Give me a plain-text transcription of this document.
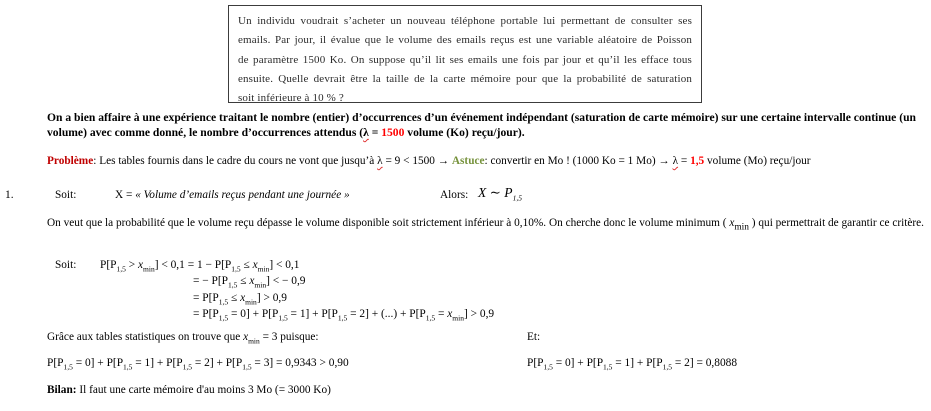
Un individu voudrait s’acheter un nouveau téléphone portable lui permettant de consulter ses
emails. Par jour, il évalue que le volume des emails reçus est une variable aléatoire de Poisson
de paramètre 1500 Ko. On suppose qu’il lit ses emails une fois par jour et qu’il les efface tous
ensuite. Quelle devrait être la taille de la carte mémoire pour que la probabilité de saturation
soit inférieure à 10 % ?
On a bien affaire à une expérience traitant le nombre (entier) d’occurrences d’un événement indépendant (saturation de carte mémoire) sur une certaine intervalle continue (un volume) avec comme donné, le nombre d’occurrences attendus (λ = 1500 volume (Ko) reçu/jour).
Problème: Les tables fournis dans le cadre du cours ne vont que jusqu’à λ = 9 < 1500 → Astuce: convertir en Mo ! (1000 Ko = 1 Mo) → λ = 1,5 volume (Mo) reçu/jour
1.	Soit:	X = « Volume d’emails reçus pendant une journée »	Alors: X ∼ $P_{1,5}$
On veut que la probabilité que le volume reçu dépasse le volume disponible soit strictement inférieur à 0,10%. On cherche donc le volume minimum ( $x_{min}$ ) qui permettrait de garantir ce critère.
Soit: $P[P_{1,5} > x_{min}] < 0,1 = 1 - P[P_{1,5} \le x_{min}] < 0,1$
= − $P[P_{1,5} \le x_{min}]$ < − 0,9
= $P[P_{1,5} \le x_{min}] > 0,9$
= $P[P_{1,5} = 0] + P[P_{1,5} = 1] + P[P_{1,5} = 2]$ + (...) + $P[P_{1,5} = x_{min}] > 0,9$
Grâce aux tables statistiques on trouve que $x_{min} = 3$ puisque:	Et:
$P[P_{1,5} = 0] + P[P_{1,5} = 1] + P[P_{1,5} = 2] + P[P_{1,5} = 3] = 0,9343 > 0,90$	$P[P_{1,5} = 0] + P[P_{1,5} = 1] + P[P_{1,5} = 2] = 0,8088$
Bilan: Il faut une carte mémoire d'au moins 3 Mo (= 3000 Ko)
